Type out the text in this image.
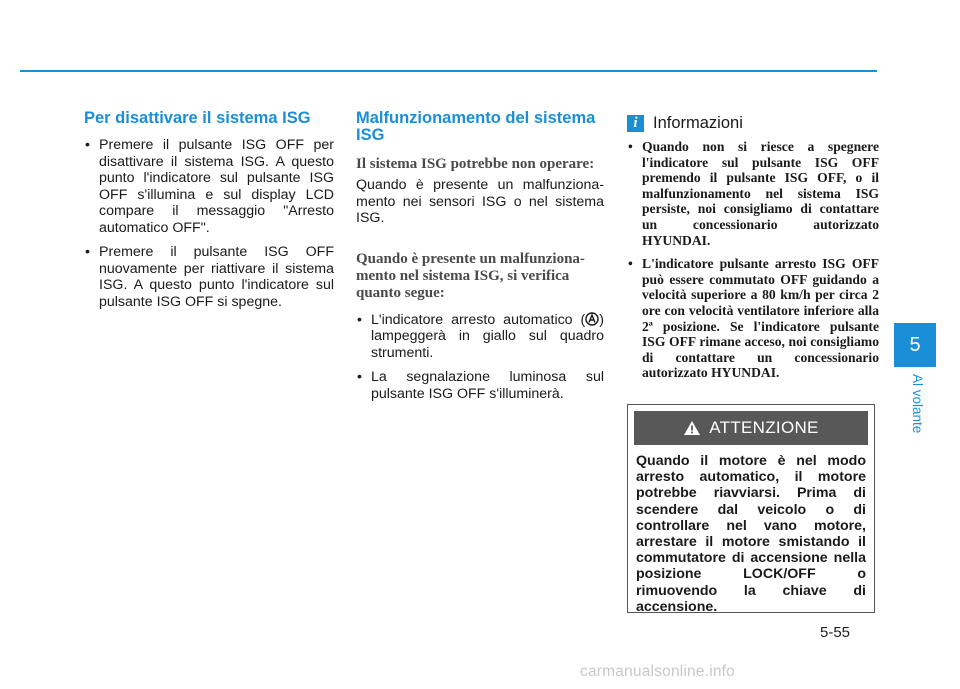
Per disattivare il sistema ISG
• Premere il pulsante ISG OFF per disattivare il sistema ISG. A questo punto l'indicatore sul pulsante ISG OFF s'illumina e sul display LCD compare il messaggio "Arresto automatico OFF".
• Premere il pulsante ISG OFF nuovamente per riattivare il sistema ISG. A questo punto l'indicatore sul pulsante ISG OFF si spegne.
Malfunzionamento del sistema ISG
Il sistema ISG potrebbe non operare:
Quando è presente un malfunziona-mento nei sensori ISG o nel sistema ISG.
Quando è presente un malfunziona-mento nel sistema ISG, si verifica quanto segue:
• L'indicatore arresto automatico ( ) lampeggerà in giallo sul quadro strumenti.
• La segnalazione luminosa sul pulsante ISG OFF s'illuminerà.
i Informazioni
• Quando non si riesce a spegnere l'indicatore sul pulsante ISG OFF premendo il pulsante ISG OFF, o il malfunzionamento nel sistema ISG persiste, noi consigliamo di contattare un concessionario autorizzato HYUNDAI.
• L'indicatore pulsante arresto ISG OFF può essere commutato OFF guidando a velocità superiore a 80 km/h per circa 2 ore con velocità ventilatore inferiore alla 2ª posizione. Se l'indicatore pulsante ISG OFF rimane acceso, noi consigliamo di contattare un concessionario autorizzato HYUNDAI.
ATTENZIONE
Quando il motore è nel modo arresto automatico, il motore potrebbe riavviarsi. Prima di scendere dal veicolo o di controllare nel vano motore, arrestare il motore smistando il commutatore di accensione nella posizione LOCK/OFF o rimuovendo la chiave di accensione.
5
Al volante
5-55
carmanualsonline.info
